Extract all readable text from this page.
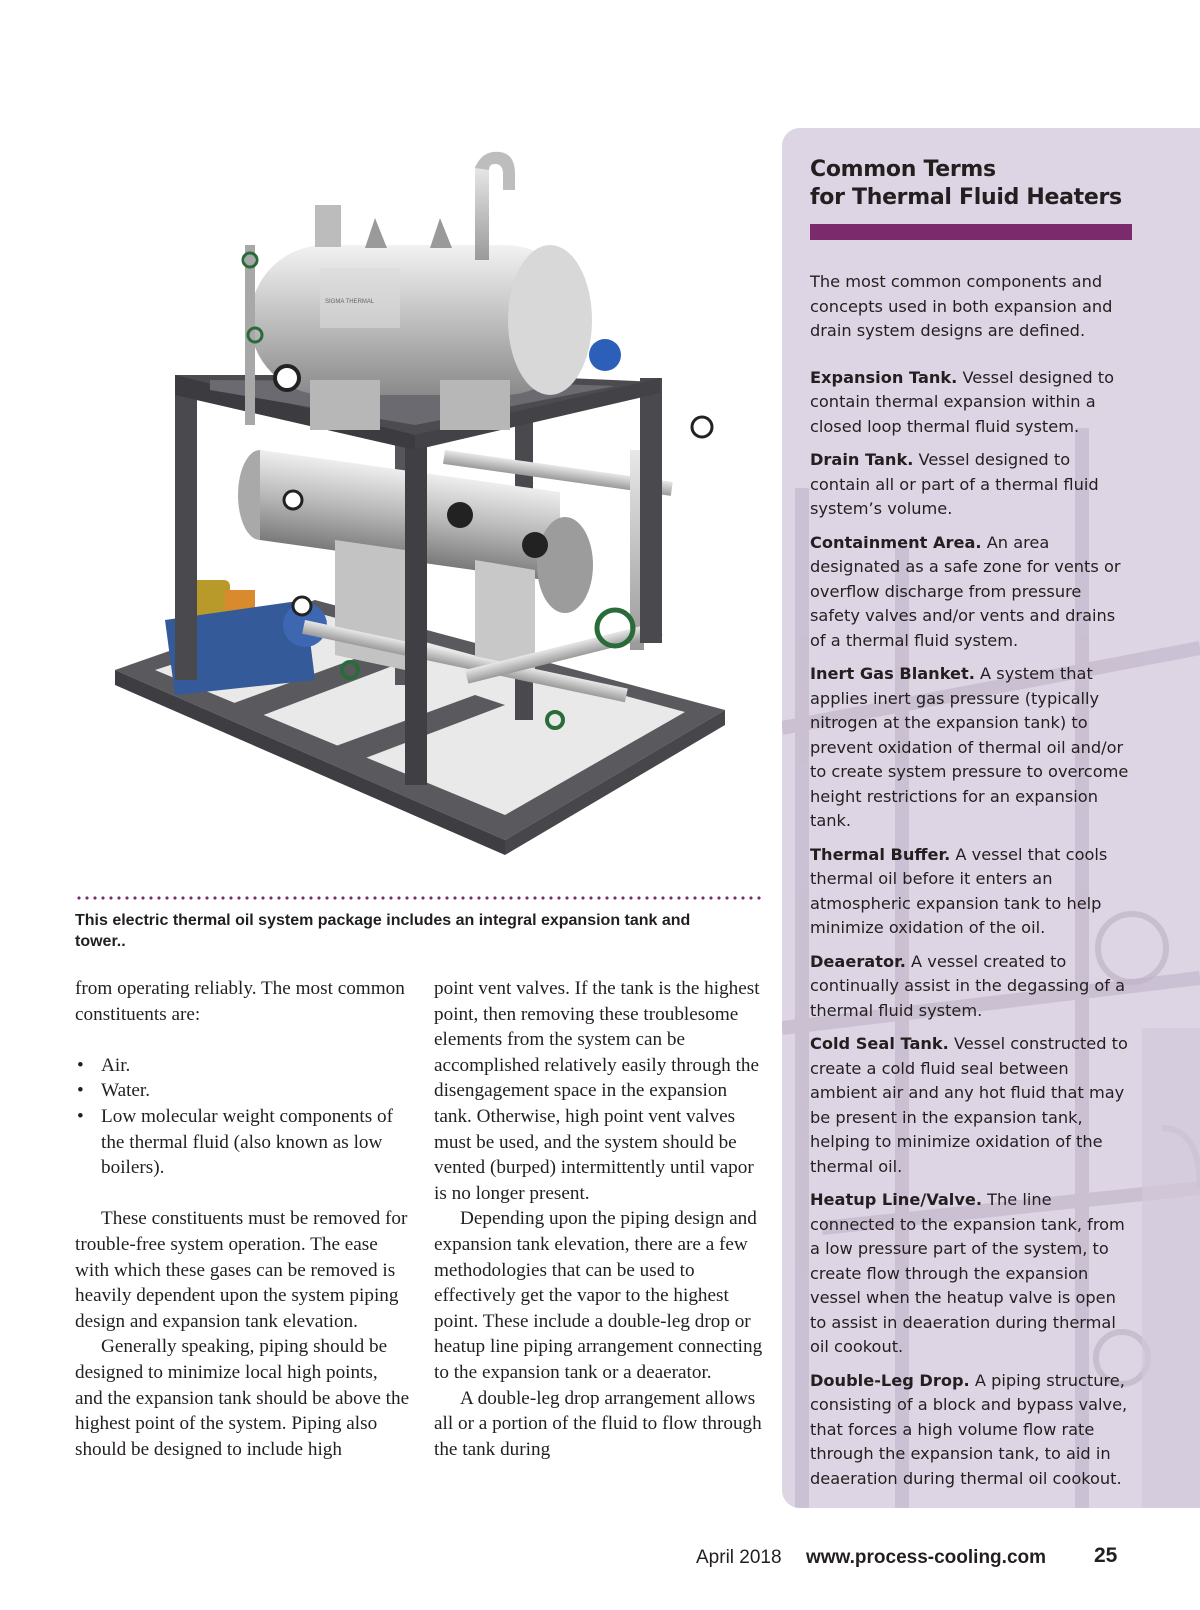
SIGMA THERMAL
This electric thermal oil system package includes an integral expansion tank and tower..

from operating reliably. The most common constituents are:

• Air.
• Water.
• Low molecular weight components of the thermal fluid (also known as low boilers).

These constituents must be removed for trouble-free system operation. The ease with which these gases can be removed is heavily dependent upon the system piping design and expansion tank elevation.

Generally speaking, piping should be designed to minimize local high points, and the expansion tank should be above the highest point of the system. Piping also should be designed to include high

point vent valves. If the tank is the highest point, then removing these troublesome elements from the system can be accomplished relatively easily through the disengagement space in the expansion tank. Otherwise, high point vent valves must be used, and the system should be vented (burped) intermittently until vapor is no longer present.

Depending upon the piping design and expansion tank elevation, there are a few methodologies that can be used to effectively get the vapor to the highest point. These include a double-leg drop or heatup line piping arrangement connecting to the expansion tank or a deaerator.

A double-leg drop arrangement allows all or a portion of the fluid to flow through the tank during

Common Terms
for Thermal Fluid Heaters
The most common components and concepts used in both expansion and drain system designs are defined.
Expansion Tank. Vessel designed to contain thermal expansion within a closed loop thermal fluid system.
Drain Tank. Vessel designed to contain all or part of a thermal fluid system’s volume.
Containment Area. An area designated as a safe zone for vents or overflow discharge from pressure safety valves and/or vents and drains of a thermal fluid system.
Inert Gas Blanket. A system that applies inert gas pressure (typically nitrogen at the expansion tank) to prevent oxidation of thermal oil and/or to create system pressure to overcome height restrictions for an expansion tank.
Thermal Buffer. A vessel that cools thermal oil before it enters an atmospheric expansion tank to help minimize oxidation of the oil.
Deaerator. A vessel created to continually assist in the degassing of a thermal fluid system.
Cold Seal Tank. Vessel constructed to create a cold fluid seal between ambient air and any hot fluid that may be present in the expansion tank, helping to minimize oxidation of the thermal oil.
Heatup Line/Valve. The line connected to the expansion tank, from a low pressure part of the system, to create flow through the expansion vessel when the heatup valve is open to assist in deaeration during thermal oil cookout.
Double-Leg Drop. A piping structure, consisting of a block and bypass valve, that forces a high volume flow rate through the expansion tank, to aid in deaeration during thermal oil cookout.
April 2018 www.process-cooling.com 25
